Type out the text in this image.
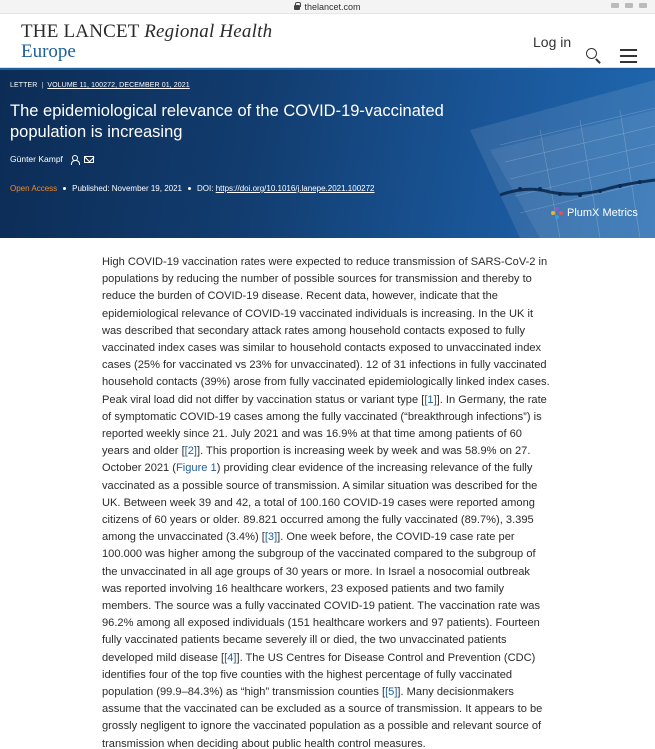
thelancet.com
THE LANCET Regional Health
Europe	Log in
LETTER | VOLUME 11, 100272, DECEMBER 01, 2021
The epidemiological relevance of the COVID-19-vaccinated population is increasing
Günter Kampf
Open Access Published:
November 19, 2021 DOI:
https://doi.org/10.1016/j.lanepe.2021.100272
PlumX Metrics

High COVID-19 vaccination rates were expected to reduce transmission of SARS-CoV-2 in populations by reducing the number of possible sources for transmission and thereby to reduce the burden of COVID-19 disease. Recent data, however, indicate that the epidemiological relevance of COVID-19 vaccinated individuals is increasing. In the UK it was described that secondary attack rates among household contacts exposed to fully vaccinated index cases was similar to household contacts exposed to unvaccinated index cases (25% for vaccinated vs 23% for unvaccinated). 12 of 31 infections in fully vaccinated household contacts (39%) arose from fully vaccinated epidemiologically linked index cases. Peak viral load did not differ by vaccination status or variant type [[1]]. In Germany, the rate of symptomatic COVID-19 cases among the fully vaccinated (“breakthrough infections”) is reported weekly since 21. July 2021 and was 16.9% at that time among patients of 60 years and older [[2]]. This proportion is increasing week by week and was 58.9% on 27. October 2021 (Figure 1) providing clear evidence of the increasing relevance of the fully vaccinated as a possible source of transmission. A similar situation was described for the UK. Between week 39 and 42, a total of 100.160 COVID-19 cases were reported among citizens of 60 years or older. 89.821 occurred among the fully vaccinated (89.7%), 3.395 among the unvaccinated (3.4%) [[3]]. One week before, the COVID-19 case rate per 100.000 was higher among the subgroup of the vaccinated compared to the subgroup of the unvaccinated in all age groups of 30 years or more. In Israel a nosocomial outbreak was reported involving 16 healthcare workers, 23 exposed patients and two family members. The source was a fully vaccinated COVID-19 patient. The vaccination rate was 96.2% among all exposed individuals (151 healthcare workers and 97 patients). Fourteen fully vaccinated patients became severely ill or died, the two unvaccinated patients developed mild disease [[4]]. The US Centres for Disease Control and Prevention (CDC) identifies four of the top five counties with the highest percentage of fully vaccinated population (99.9–84.3%) as “high” transmission counties [[5]]. Many decisionmakers assume that the vaccinated can be excluded as a source of transmission. It appears to be grossly negligent to ignore the vaccinated population as a possible and relevant source of transmission when deciding about public health control measures.
